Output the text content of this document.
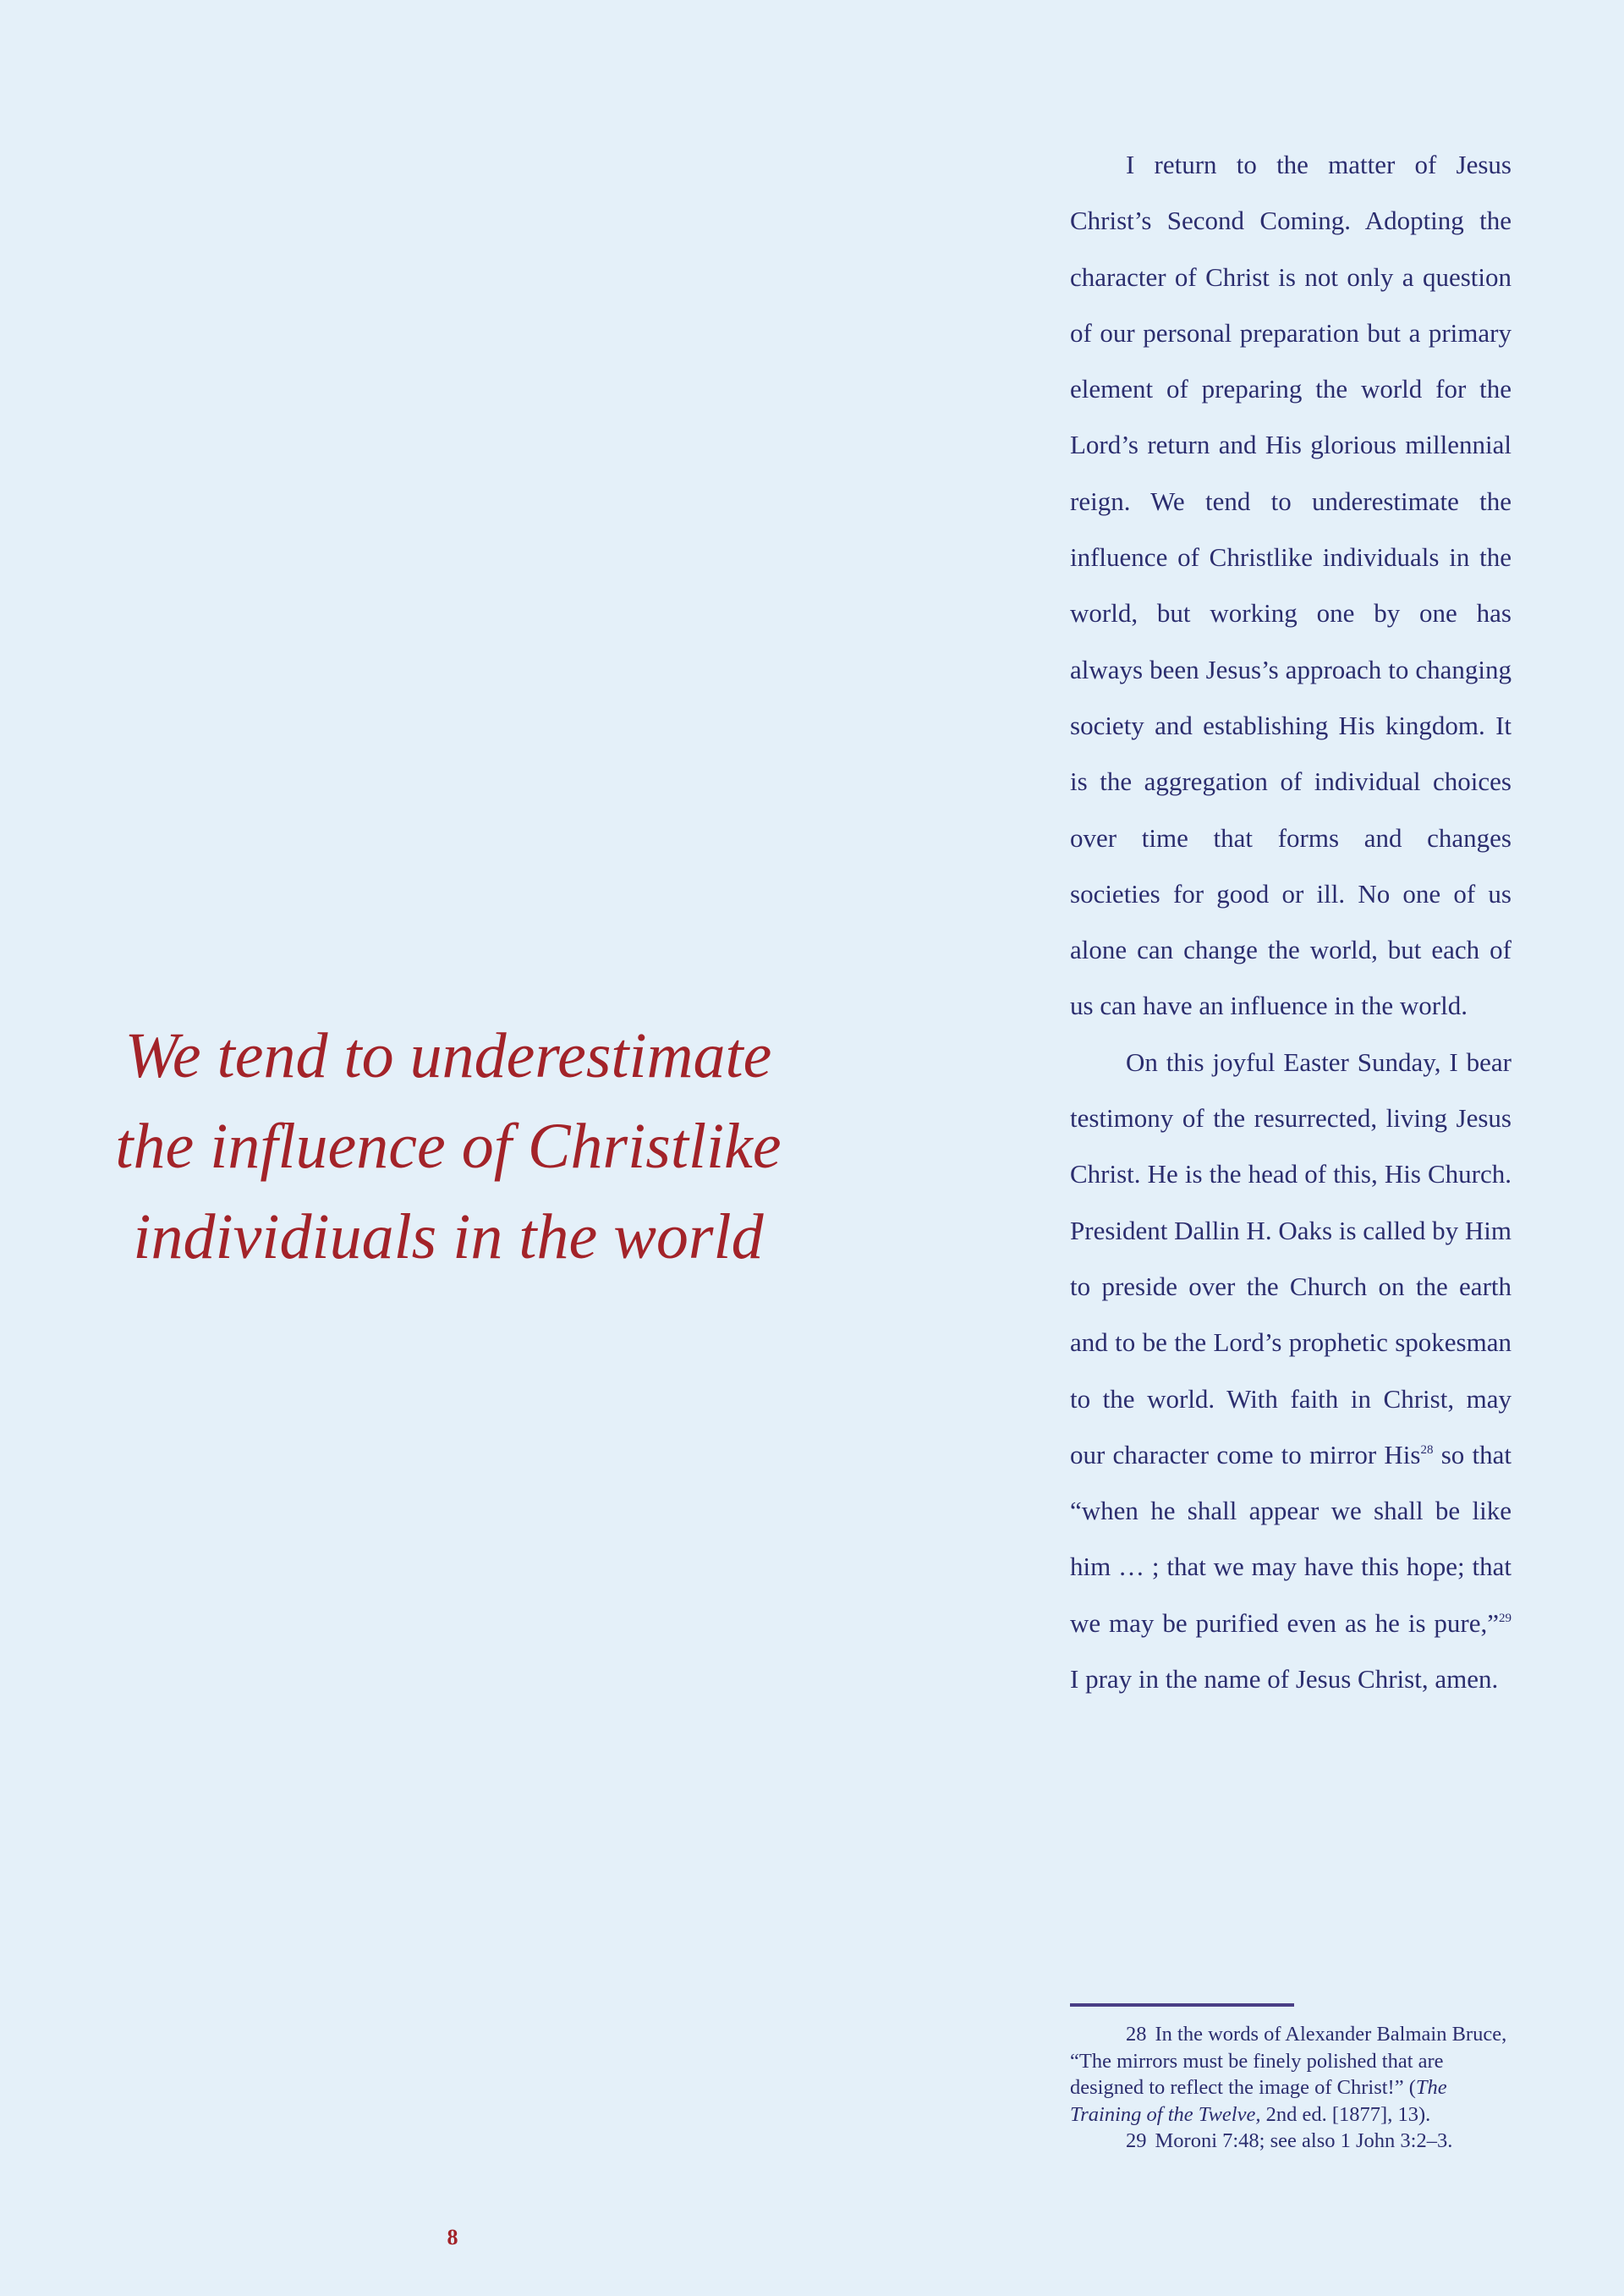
We tend to underestimate
the influence of Christlike
individiuals in the world

I return to the matter of Jesus Christ’s Second Coming. Adopting the character of Christ is not only a question of our personal preparation but a primary element of preparing the world for the Lord’s return and His glorious millennial reign. We tend to underestimate the influence of Christlike individuals in the world, but working one by one has always been Jesus’s approach to changing society and establishing His kingdom. It is the aggregation of individual choices over time that forms and changes societies for good or ill. No one of us alone can change the world, but each of us can have an influence in the world.

On this joyful Easter Sunday, I bear testimony of the resurrected, living Jesus Christ. He is the head of this, His Church. President Dallin H. Oaks is called by Him to preside over the Church on the earth and to be the Lord’s prophetic spokesman to the world. With faith in Christ, may our character come to mirror His$^{28}$ so that “when he shall appear we shall be like him … ; that we may have this hope; that we may be purified even as he is pure,”$^{29}$ I pray in the name of Jesus Christ, amen.

28 In the words of Alexander Balmain Bruce, “The mirrors must be finely polished that are designed to reflect the image of Christ!” (The Training of the Twelve, 2nd ed. [1877], 13).

29 Moroni 7:48; see also 1 John 3:2–3.

8
